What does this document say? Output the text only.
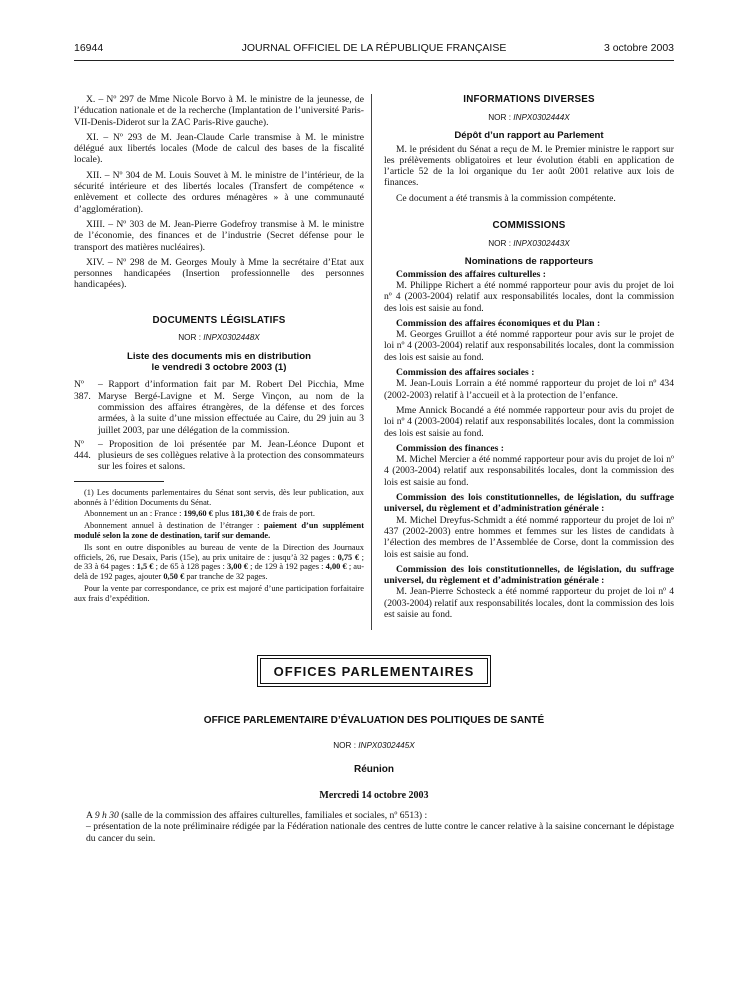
16944	JOURNAL OFFICIEL DE LA RÉPUBLIQUE FRANÇAISE	3 octobre 2003

X. – Nº 297 de Mme Nicole Borvo à M. le ministre de la jeunesse, de l’éducation nationale et de la recherche (Implantation de l’université Paris-VII-Denis-Diderot sur la ZAC Paris-Rive gauche).

XI. – Nº 293 de M. Jean-Claude Carle transmise à M. le ministre délégué aux libertés locales (Mode de calcul des bases de la fiscalité locale).

XII. – Nº 304 de M. Louis Souvet à M. le ministre de l’intérieur, de la sécurité intérieure et des libertés locales (Transfert de compétence « enlèvement et collecte des ordures ménagères » à une communauté d’agglomération).

XIII. – Nº 303 de M. Jean-Pierre Godefroy transmise à M. le ministre de l’économie, des finances et de l’industrie (Secret défense pour le transport des matières nucléaires).

XIV. – Nº 298 de M. Georges Mouly à Mme la secrétaire d’Etat aux personnes handicapées (Insertion professionnelle des personnes handicapées).

DOCUMENTS LÉGISLATIFS

NOR : INPX0302448X

Liste des documents mis en distribution

le vendredi 3 octobre 2003 (1)

Nº 387.
– Rapport d’information fait par M. Robert Del Picchia, Mme Maryse Bergé-Lavigne et M. Serge Vinçon, au nom de la commission des affaires étrangères, de la défense et des forces armées, à la suite d’une mission effectuée au Caire, du 29 juin au 3 juillet 2003, par une délégation de la commission.
Nº 444.
– Proposition de loi présentée par M. Jean-Léonce Dupont et plusieurs de ses collègues relative à la protection des consommateurs sur les foires et salons.

(1) Les documents parlementaires du Sénat sont servis, dès leur publication, aux abonnés à l’édition Documents du Sénat.

Abonnement un an : France : 199,60 € plus 181,30 € de frais de port.

Abonnement annuel à destination de l’étranger : paiement d’un supplément modulé selon la zone de destination, tarif sur demande.

Ils sont en outre disponibles au bureau de vente de la Direction des Journaux officiels, 26, rue Desaix, Paris (15e), au prix unitaire de : jusqu’à 32 pages : 0,75 € ; de 33 à 64 pages : 1,5 € ; de 65 à 128 pages : 3,00 € ; de 129 à 192 pages : 4,00 € ; au-delà de 192 pages, ajouter 0,50 € par tranche de 32 pages.

Pour la vente par correspondance, ce prix est majoré d’une participation forfaitaire aux frais d’expédition.

INFORMATIONS DIVERSES

NOR : INPX0302444X

Dépôt d’un rapport au Parlement

M. le président du Sénat a reçu de M. le Premier ministre le rapport sur les prélèvements obligatoires et leur évolution établi en application de l’article 52 de la loi organique du 1er août 2001 relative aux lois de finances.

Ce document a été transmis à la commission compétente.

COMMISSIONS

NOR : INPX0302443X

Nominations de rapporteurs

Commission des affaires culturelles :

M. Philippe Richert a été nommé rapporteur pour avis du projet de loi nº 4 (2003-2004) relatif aux responsabilités locales, dont la commission des lois est saisie au fond.

Commission des affaires économiques et du Plan :

M. Georges Gruillot a été nommé rapporteur pour avis sur le projet de loi nº 4 (2003-2004) relatif aux responsabilités locales, dont la commission des lois est saisie au fond.

Commission des affaires sociales :

M. Jean-Louis Lorrain a été nommé rapporteur du projet de loi nº 434 (2002-2003) relatif à l’accueil et à la protection de l’enfance.

Mme Annick Bocandé a été nommée rapporteur pour avis du projet de loi nº 4 (2003-2004) relatif aux responsabilités locales, dont la commission des lois est saisie au fond.

Commission des finances :

M. Michel Mercier a été nommé rapporteur pour avis du projet de loi nº 4 (2003-2004) relatif aux responsabilités locales, dont la commission des lois est saisie au fond.

Commission des lois constitutionnelles, de législation, du suffrage universel, du règlement et d’administration générale :

M. Michel Dreyfus-Schmidt a été nommé rapporteur du projet de loi nº 437 (2002-2003) entre hommes et femmes sur les listes de candidats à l’élection des membres de l’Assemblée de Corse, dont la commission des lois est saisie au fond.

Commission des lois constitutionnelles, de législation, du suffrage universel, du règlement et d’administration générale :

M. Jean-Pierre Schosteck a été nommé rapporteur du projet de loi nº 4 (2003-2004) relatif aux responsabilités locales, dont la commission des lois est saisie au fond.

OFFICES PARLEMENTAIRES
OFFICE PARLEMENTAIRE D’ÉVALUATION DES POLITIQUES DE SANTÉ

NOR : INPX0302445X

Réunion
Mercredi 14 octobre 2003
A 9 h 30 (salle de la commission des affaires culturelles, familiales et sociales, nº 6513) :
– présentation de la note préliminaire rédigée par la Fédération nationale des centres de lutte contre le cancer relative à la saisine concernant le dépistage du cancer du sein.
